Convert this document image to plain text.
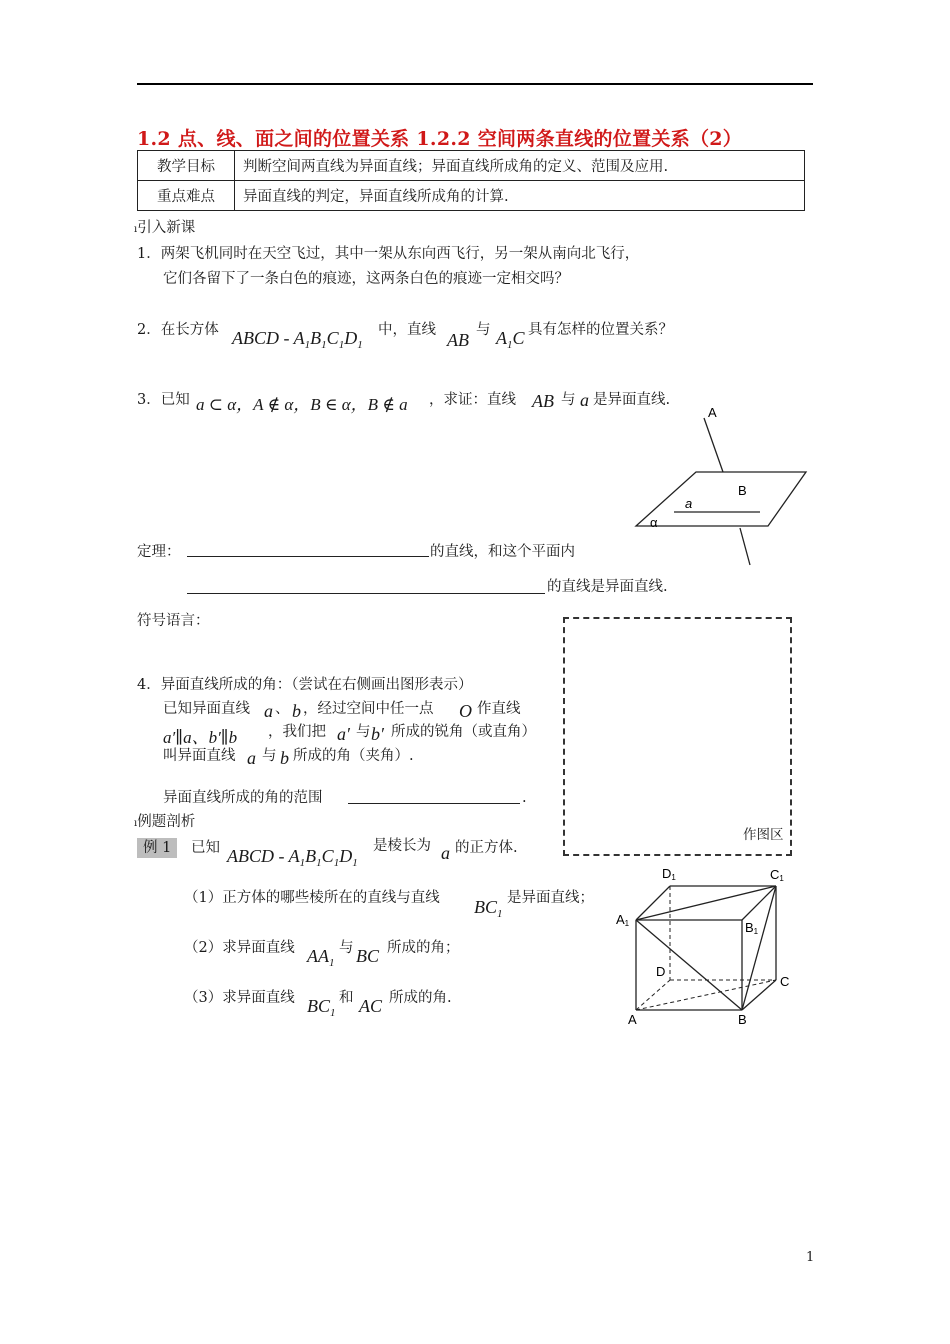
1.2 点、线、面之间的位置关系 1.2.2 空间两条直线的位置关系（2）
教学目标	判断空间两直线为异面直线；异面直线所成角的定义、范围及应用.
重点难点	异面直线的判定，异面直线所成角的计算.
ı引入新课
1．两架飞机同时在天空飞过，其中一架从东向西飞行，另一架从南向北飞行，
它们各留下了一条白色的痕迹，这两条白色的痕迹一定相交吗？
2．在长方体 ABCD - $A_1B_1C_1D_1$
中，直线 AB 与 $A_1C$ 具有怎样的位置关系？
3．已知 a ⊂ α，A ∉ α，B ∈ α，B ∉ a ，求证：直线 AB 与 a 是异面直线.
A
B
a
α
定理：	的直线，和这个平面内
的直线是异面直线.
符号语言：
作图区
4．异面直线所成的角：（尝试在右侧画出图形表示）
已知异面直线 a 、 b ，经过空间中任一点 O 作直线
a′∥a、b′∥b ，我们把 a′ 与 b′ 所成的锐角（或直角）
叫异面直线 a 与 b 所成的角（夹角）.
异面直线所成的角的范围	.
ı例题剖析
例 1	已知 ABCD - $A_1B_1C_1D_1$
是棱长为 a 的正方体.
（1）正方体的哪些棱所在的直线与直线 $BC_1$
是异面直线；
（2）求异面直线 $AA_1$
与 BC 所成的角；
（3）求异面直线 $BC_1$
和 AC 所成的角.
D1	C1
A1	B1
D
C
A	B
1
